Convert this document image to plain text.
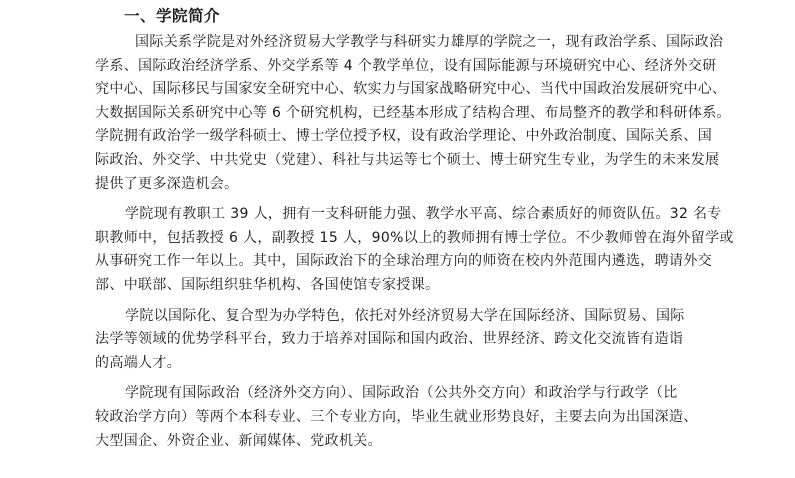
一、学院简介

国际关系学院是对外经济贸易大学教学与科研实力雄厚的学院之一，现有政治学系、国际政治
学系、国际政治经济学系、外交学系等 4 个教学单位，设有国际能源与环境研究中心、经济外交研
究中心、国际移民与国家安全研究中心、软实力与国家战略研究中心、当代中国政治发展研究中心、
大数据国际关系研究中心等 6 个研究机构，已经基本形成了结构合理、布局整齐的教学和科研体系。
学院拥有政治学一级学科硕士、博士学位授予权，设有政治学理论、中外政治制度、国际关系、国
际政治、外交学、中共党史（党建）、科社与共运等七个硕士、博士研究生专业，为学生的未来发展
提供了更多深造机会。

学院现有教职工 39 人，拥有一支科研能力强、教学水平高、综合素质好的师资队伍。32 名专
职教师中，包括教授 6 人，副教授 15 人，90%以上的教师拥有博士学位。不少教师曾在海外留学或
从事研究工作一年以上。其中，国际政治下的全球治理方向的师资在校内外范围内遴选，聘请外交
部、中联部、国际组织驻华机构、各国使馆专家授课。

学院以国际化、复合型为办学特色，依托对外经济贸易大学在国际经济、国际贸易、国际
法学等领域的优势学科平台，致力于培养对国际和国内政治、世界经济、跨文化交流皆有造诣
的高端人才。

学院现有国际政治（经济外交方向）、国际政治（公共外交方向）和政治学与行政学（比
较政治学方向）等两个本科专业、三个专业方向，毕业生就业形势良好，主要去向为出国深造、
大型国企、外资企业、新闻媒体、党政机关。
